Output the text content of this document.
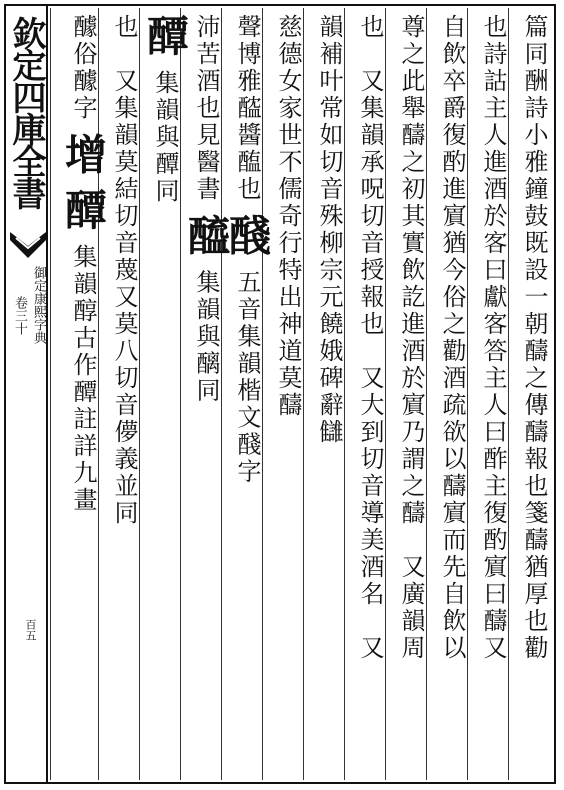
欽定四庫全書
御定康熙字典
卷三十
百五	篇同酬詩小雅鐘鼓既設一朝醻之傳醻報也箋醻猶厚也勸
也詩詁主人進酒於客曰獻客答主人曰酢主復酌賔曰醻又
自飲卒爵復酌進賔猶今俗之勸酒疏欲以醻賔而先自飲以
尊之此舉醻之初其實飲訖進酒於賔乃謂之醻　又廣韻周
也　又集韻承呪切音授報也　又大到切音導美酒名　又
韻補叶常如切音殊柳宗元饒娥碑辭讎
慈德女家世不儒奇行特出神道莫醻
聲博雅醓醬醢也 醆 五音集韻楷文醆字
沛苦酒也見醫書 醯 集韻與醨同
醰 集韻與醰同
也　又集韻莫結切音蔑又莫八切音儚義並同
醵俗醵字 增 醰 集韻醇古作醰註詳九畫
